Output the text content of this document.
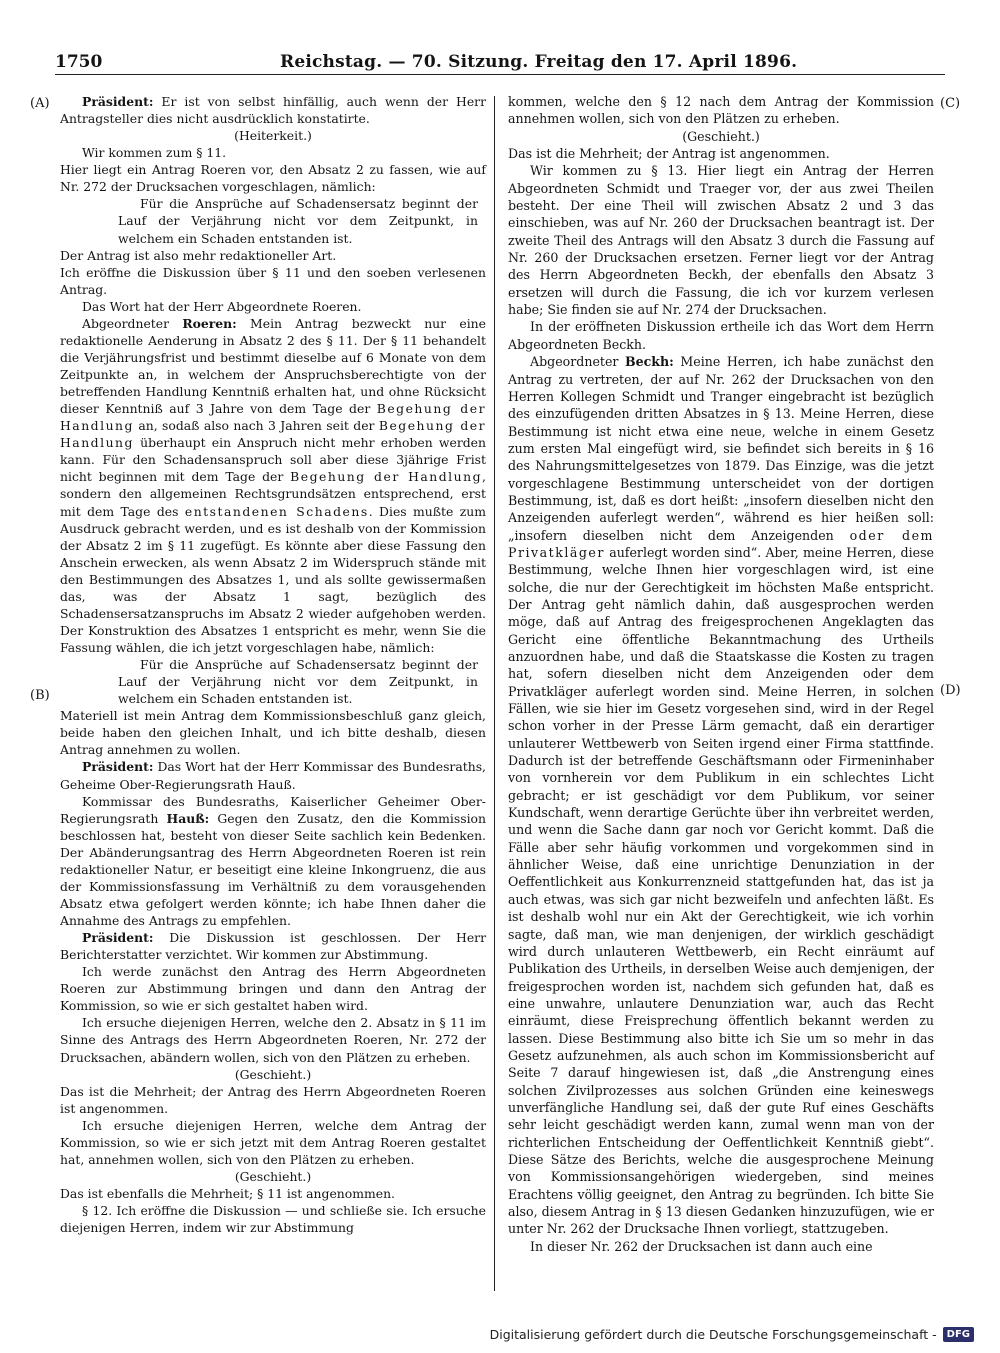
1750	Reichstag. — 70. Sitzung. Freitag den 17. April 1896.
(A)
(B)
(C)
(D)

Präsident: Er ist von selbst hinfällig, auch wenn der Herr Antragsteller dies nicht ausdrücklich konstatirte.

(Heiterkeit.)

Wir kommen zum § 11.

Hier liegt ein Antrag Roeren vor, den Absatz 2 zu fassen, wie auf Nr. 272 der Drucksachen vorgeschlagen, nämlich:

Für die Ansprüche auf Schadensersatz beginnt der Lauf der Verjährung nicht vor dem Zeitpunkt, in welchem ein Schaden entstanden ist.

Der Antrag ist also mehr redaktioneller Art.

Ich eröffne die Diskussion über § 11 und den soeben verlesenen Antrag.

Das Wort hat der Herr Abgeordnete Roeren.

Abgeordneter Roeren: Mein Antrag bezweckt nur eine redaktionelle Aenderung in Absatz 2 des § 11. Der § 11 behandelt die Verjährungsfrist und bestimmt dieselbe auf 6 Monate von dem Zeitpunkte an, in welchem der Anspruchsberechtigte von der betreffenden Handlung Kenntniß erhalten hat, und ohne Rücksicht dieser Kenntniß auf 3 Jahre von dem Tage der Begehung der Handlung an, sodaß also nach 3 Jahren seit der Begehung der Handlung überhaupt ein Anspruch nicht mehr erhoben werden kann. Für den Schadensanspruch soll aber diese 3jährige Frist nicht beginnen mit dem Tage der Begehung der Handlung, sondern den allgemeinen Rechtsgrundsätzen entsprechend, erst mit dem Tage des entstandenen Schadens. Dies mußte zum Ausdruck gebracht werden, und es ist deshalb von der Kommission der Absatz 2 im § 11 zugefügt. Es könnte aber diese Fassung den Anschein erwecken, als wenn Absatz 2 im Widerspruch stände mit den Bestimmungen des Absatzes 1, und als sollte gewissermaßen das, was der Absatz 1 sagt, bezüglich des Schadensersatzanspruchs im Absatz 2 wieder aufgehoben werden. Der Konstruktion des Absatzes 1 entspricht es mehr, wenn Sie die Fassung wählen, die ich jetzt vorgeschlagen habe, nämlich:

Für die Ansprüche auf Schadensersatz beginnt der Lauf der Verjährung nicht vor dem Zeitpunkt, in welchem ein Schaden entstanden ist.

Materiell ist mein Antrag dem Kommissionsbeschluß ganz gleich, beide haben den gleichen Inhalt, und ich bitte deshalb, diesen Antrag annehmen zu wollen.

Präsident: Das Wort hat der Herr Kommissar des Bundesraths, Geheime Ober-Regierungsrath Hauß.

Kommissar des Bundesraths, Kaiserlicher Geheimer Ober-Regierungsrath Hauß: Gegen den Zusatz, den die Kommission beschlossen hat, besteht von dieser Seite sachlich kein Bedenken. Der Abänderungsantrag des Herrn Abgeordneten Roeren ist rein redaktioneller Natur, er beseitigt eine kleine Inkongruenz, die aus der Kommissionsfassung im Verhältniß zu dem vorausgehenden Absatz etwa gefolgert werden könnte; ich habe Ihnen daher die Annahme des Antrags zu empfehlen.

Präsident: Die Diskussion ist geschlossen. Der Herr Berichterstatter verzichtet. Wir kommen zur Abstimmung.

Ich werde zunächst den Antrag des Herrn Abgeordneten Roeren zur Abstimmung bringen und dann den Antrag der Kommission, so wie er sich gestaltet haben wird.

Ich ersuche diejenigen Herren, welche den 2. Absatz in § 11 im Sinne des Antrags des Herrn Abgeordneten Roeren, Nr. 272 der Drucksachen, abändern wollen, sich von den Plätzen zu erheben.

(Geschieht.)

Das ist die Mehrheit; der Antrag des Herrn Abgeordneten Roeren ist angenommen.

Ich ersuche diejenigen Herren, welche dem Antrag der Kommission, so wie er sich jetzt mit dem Antrag Roeren gestaltet hat, annehmen wollen, sich von den Plätzen zu erheben.

(Geschieht.)

Das ist ebenfalls die Mehrheit; § 11 ist angenommen.

§ 12. Ich eröffne die Diskussion — und schließe sie. Ich ersuche diejenigen Herren, indem wir zur Abstimmung

kommen, welche den § 12 nach dem Antrag der Kommission annehmen wollen, sich von den Plätzen zu erheben.

(Geschieht.)

Das ist die Mehrheit; der Antrag ist angenommen.

Wir kommen zu § 13. Hier liegt ein Antrag der Herren Abgeordneten Schmidt und Traeger vor, der aus zwei Theilen besteht. Der eine Theil will zwischen Absatz 2 und 3 das einschieben, was auf Nr. 260 der Drucksachen beantragt ist. Der zweite Theil des Antrags will den Absatz 3 durch die Fassung auf Nr. 260 der Drucksachen ersetzen. Ferner liegt vor der Antrag des Herrn Abgeordneten Beckh, der ebenfalls den Absatz 3 ersetzen will durch die Fassung, die ich vor kurzem verlesen habe; Sie finden sie auf Nr. 274 der Drucksachen.

In der eröffneten Diskussion ertheile ich das Wort dem Herrn Abgeordneten Beckh.

Abgeordneter Beckh: Meine Herren, ich habe zunächst den Antrag zu vertreten, der auf Nr. 262 der Drucksachen von den Herren Kollegen Schmidt und Tranger eingebracht ist bezüglich des einzufügenden dritten Absatzes in § 13. Meine Herren, diese Bestimmung ist nicht etwa eine neue, welche in einem Gesetz zum ersten Mal eingefügt wird, sie befindet sich bereits in § 16 des Nahrungsmittelgesetzes von 1879. Das Einzige, was die jetzt vorgeschlagene Bestimmung unterscheidet von der dortigen Bestimmung, ist, daß es dort heißt: „insofern dieselben nicht den Anzeigenden auferlegt werden“, während es hier heißen soll: „insofern dieselben nicht dem Anzeigenden oder dem Privatkläger auferlegt worden sind“. Aber, meine Herren, diese Bestimmung, welche Ihnen hier vorgeschlagen wird, ist eine solche, die nur der Gerechtigkeit im höchsten Maße entspricht. Der Antrag geht nämlich dahin, daß ausgesprochen werden möge, daß auf Antrag des freigesprochenen Angeklagten das Gericht eine öffentliche Bekanntmachung des Urtheils anzuordnen habe, und daß die Staatskasse die Kosten zu tragen hat, sofern dieselben nicht dem Anzeigenden oder dem Privatkläger auferlegt worden sind. Meine Herren, in solchen Fällen, wie sie hier im Gesetz vorgesehen sind, wird in der Regel schon vorher in der Presse Lärm gemacht, daß ein derartiger unlauterer Wettbewerb von Seiten irgend einer Firma stattfinde. Dadurch ist der betreffende Geschäftsmann oder Firmeninhaber von vornherein vor dem Publikum in ein schlechtes Licht gebracht; er ist geschädigt vor dem Publikum, vor seiner Kundschaft, wenn derartige Gerüchte über ihn verbreitet werden, und wenn die Sache dann gar noch vor Gericht kommt. Daß die Fälle aber sehr häufig vorkommen und vorgekommen sind in ähnlicher Weise, daß eine unrichtige Denunziation in der Oeffentlichkeit aus Konkurrenzneid stattgefunden hat, das ist ja auch etwas, was sich gar nicht bezweifeln und anfechten läßt. Es ist deshalb wohl nur ein Akt der Gerechtigkeit, wie ich vorhin sagte, daß man, wie man denjenigen, der wirklich geschädigt wird durch unlauteren Wettbewerb, ein Recht einräumt auf Publikation des Urtheils, in derselben Weise auch demjenigen, der freigesprochen worden ist, nachdem sich gefunden hat, daß es eine unwahre, unlautere Denunziation war, auch das Recht einräumt, diese Freisprechung öffentlich bekannt werden zu lassen. Diese Bestimmung also bitte ich Sie um so mehr in das Gesetz aufzunehmen, als auch schon im Kommissionsbericht auf Seite 7 darauf hingewiesen ist, daß „die Anstrengung eines solchen Zivilprozesses aus solchen Gründen eine keineswegs unverfängliche Handlung sei, daß der gute Ruf eines Geschäfts sehr leicht geschädigt werden kann, zumal wenn man von der richterlichen Entscheidung der Oeffentlichkeit Kenntniß giebt“. Diese Sätze des Berichts, welche die ausgesprochene Meinung von Kommissionsangehörigen wiedergeben, sind meines Erachtens völlig geeignet, den Antrag zu begründen. Ich bitte Sie also, diesem Antrag in § 13 diesen Gedanken hinzuzufügen, wie er unter Nr. 262 der Drucksache Ihnen vorliegt, stattzugeben.

In dieser Nr. 262 der Drucksachen ist dann auch eine

Digitalisierung gefördert durch die Deutsche Forschungsgemeinschaft -	DFG
